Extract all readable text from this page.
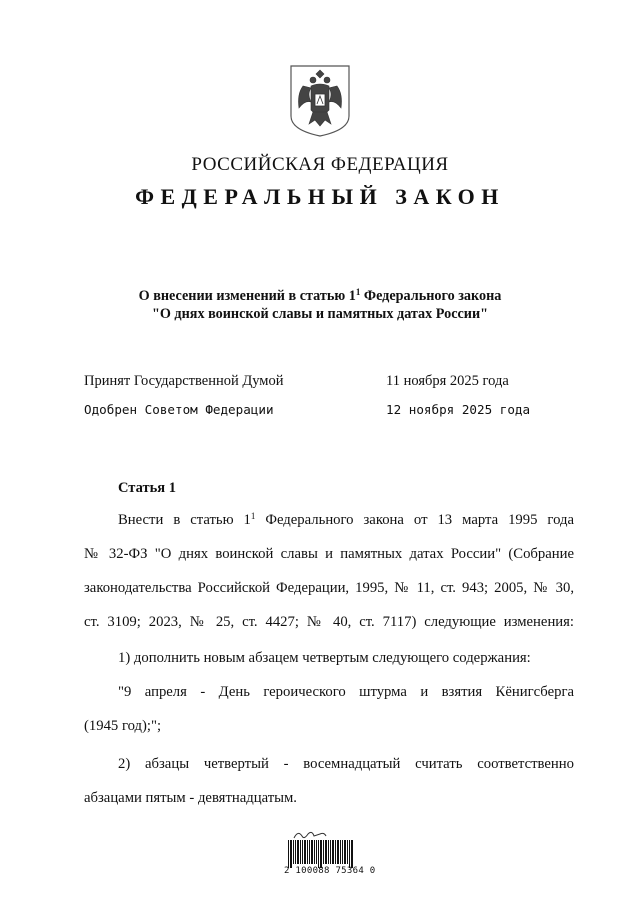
РОССИЙСКАЯ ФЕДЕРАЦИЯ
ФЕДЕРАЛЬНЫЙ ЗАКОН
О внесении изменений в статью $1^1$ Федерального закона
"О днях воинской славы и памятных датах России"
Принят Государственной Думой	11 ноября 2025 года
Одобрен Советом Федерации	12 ноября 2025 года
Статья 1
Внести в статью $1^1$ Федерального закона от 13 марта 1995 года
№ 32-ФЗ "О днях воинской славы и памятных датах России" (Собрание
законодательства Российской Федерации, 1995, № 11, ст. 943; 2005, № 30,
ст. 3109; 2023, № 25, ст. 4427; № 40, ст. 7117) следующие изменения:
1) дополнить новым абзацем четвертым следующего содержания:
"9 апреля - День героического штурма и взятия Кёнигсберга
(1945 год);";
2) абзацы четвертый - восемнадцатый считать соответственно
абзацами пятым - девятнадцатым.
2 100088 75364 0
